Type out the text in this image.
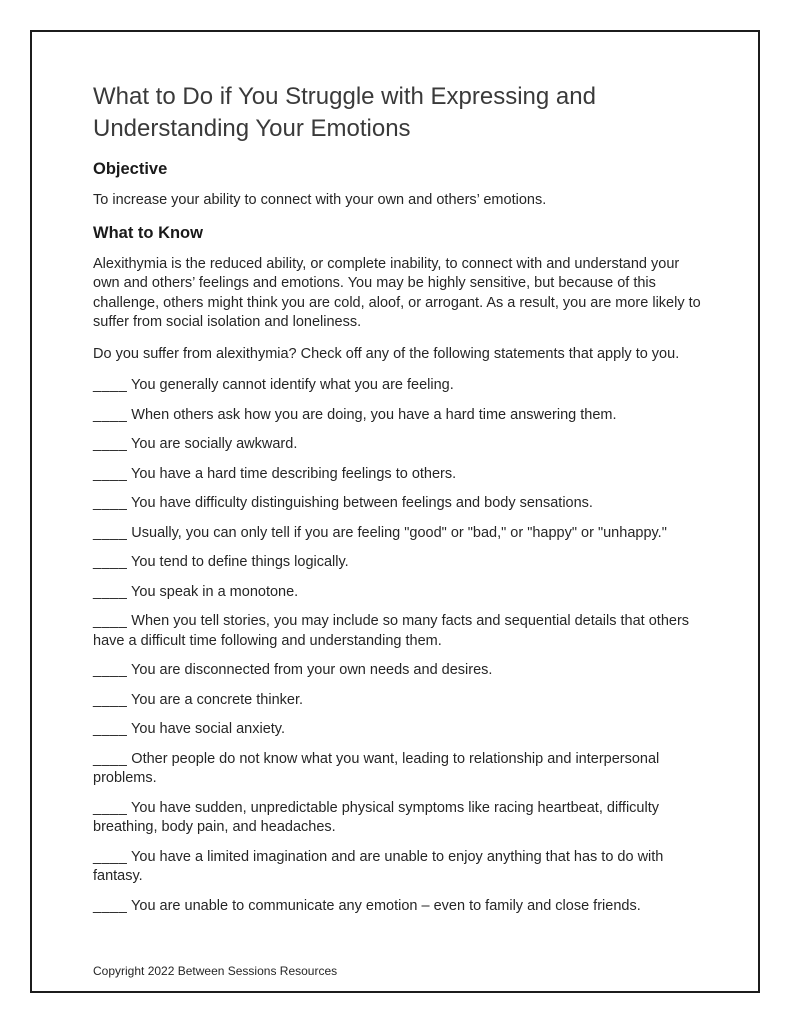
What to Do if You Struggle with Expressing and Understanding Your Emotions
Objective

To increase your ability to connect with your own and others’ emotions.

What to Know

Alexithymia is the reduced ability, or complete inability, to connect with and understand your own and others’ feelings and emotions. You may be highly sensitive, but because of this challenge, others might think you are cold, aloof, or arrogant. As a result, you are more likely to suffer from social isolation and loneliness.

Do you suffer from alexithymia? Check off any of the following statements that apply to you.

____ You generally cannot identify what you are feeling.

____ When others ask how you are doing, you have a hard time answering them.

____ You are socially awkward.

____ You have a hard time describing feelings to others.

____ You have difficulty distinguishing between feelings and body sensations.

____ Usually, you can only tell if you are feeling "good" or "bad," or "happy" or "unhappy."

____ You tend to define things logically.

____ You speak in a monotone.

____ When you tell stories, you may include so many facts and sequential details that others have a difficult time following and understanding them.

____ You are disconnected from your own needs and desires.

____ You are a concrete thinker.

____ You have social anxiety.

____ Other people do not know what you want, leading to relationship and interpersonal problems.

____ You have sudden, unpredictable physical symptoms like racing heartbeat, difficulty breathing, body pain, and headaches.

____ You have a limited imagination and are unable to enjoy anything that has to do with fantasy.

____ You are unable to communicate any emotion – even to family and close friends.

Copyright 2022 Between Sessions Resources
